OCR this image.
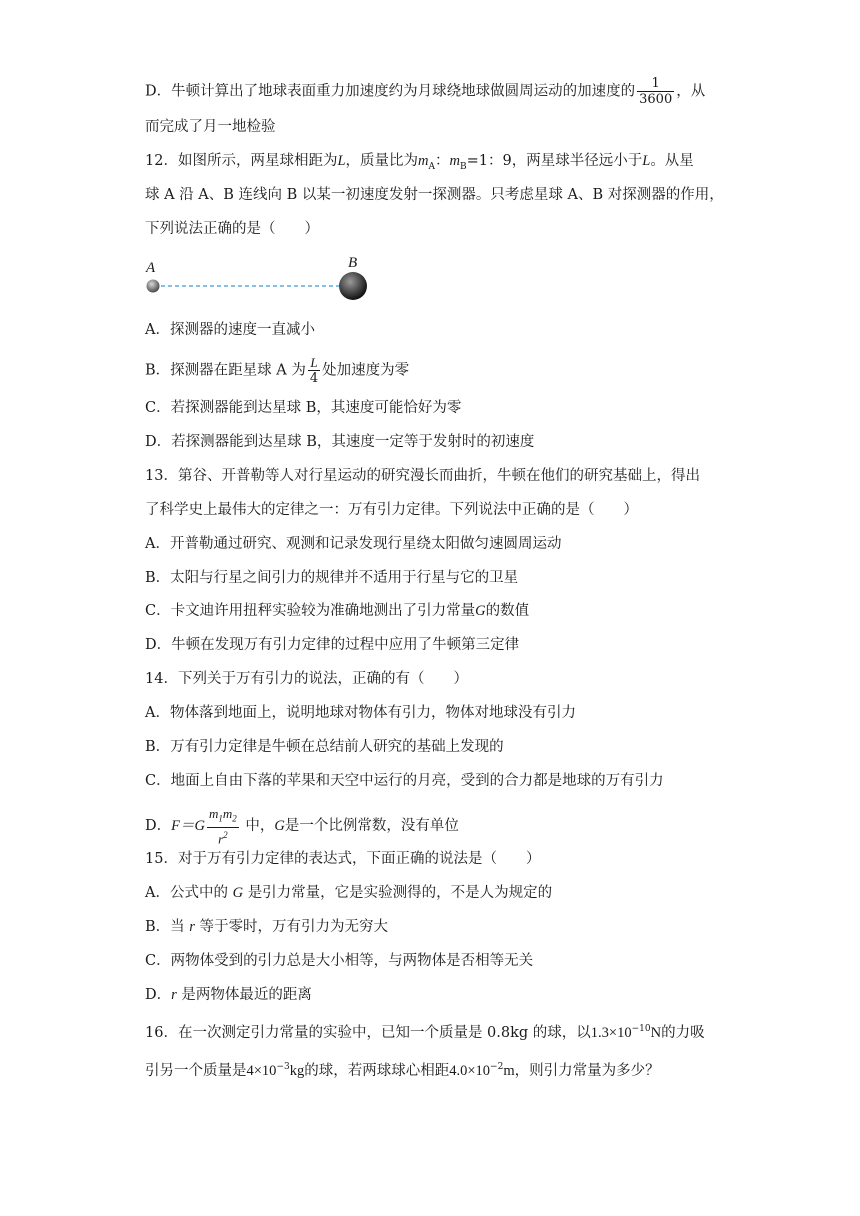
D．牛顿计算出了地球表面重力加速度约为月球绕地球做圆周运动的加速度的 $\frac{1}{3600}$ ，从
而完成了月一地检验
12．如图所示，两星球相距为L，质量比为$m_A$：$m_B=1$：9，两星球半径远小于L。从星
球 A 沿 A、B 连线向 B 以某一初速度发射一探测器。只考虑星球 A、B 对探测器的作用，
下列说法正确的是（　　）
A	B
A．探测器的速度一直减小
B．探测器在距星球 A 为 $\frac{L}{4}$ 处加速度为零
C．若探测器能到达星球 B，其速度可能恰好为零
D．若探测器能到达星球 B，其速度一定等于发射时的初速度
13．第谷、开普勒等人对行星运动的研究漫长而曲折，牛顿在他们的研究基础上，得出
了科学史上最伟大的定律之一：万有引力定律。下列说法中正确的是（　　）
A．开普勒通过研究、观测和记录发现行星绕太阳做匀速圆周运动
B．太阳与行星之间引力的规律并不适用于行星与它的卫星
C．卡文迪许用扭秤实验较为准确地测出了引力常量G的数值
D．牛顿在发现万有引力定律的过程中应用了牛顿第三定律
14．下列关于万有引力的说法，正确的有（　　）
A．物体落到地面上，说明地球对物体有引力，物体对地球没有引力
B．万有引力定律是牛顿在总结前人研究的基础上发现的
C．地面上自由下落的苹果和天空中运行的月亮，受到的合力都是地球的万有引力
D．$F=G \frac{m_1m_2}{r^2}$ 中，G是一个比例常数，没有单位
15．对于万有引力定律的表达式，下面正确的说法是（　　）
A．公式中的 G 是引力常量，它是实验测得的，不是人为规定的
B．当 r 等于零时，万有引力为无穷大
C．两物体受到的引力总是大小相等，与两物体是否相等无关
D．r 是两物体最近的距离
16．在一次测定引力常量的实验中，已知一个质量是 0.8kg 的球，以$1.3\times 10^{-10}N$的力吸
引另一个质量是$4\times 10^{-3}kg$的球，若两球球心相距$4.0\times 10^{-2}m$，则引力常量为多少？
